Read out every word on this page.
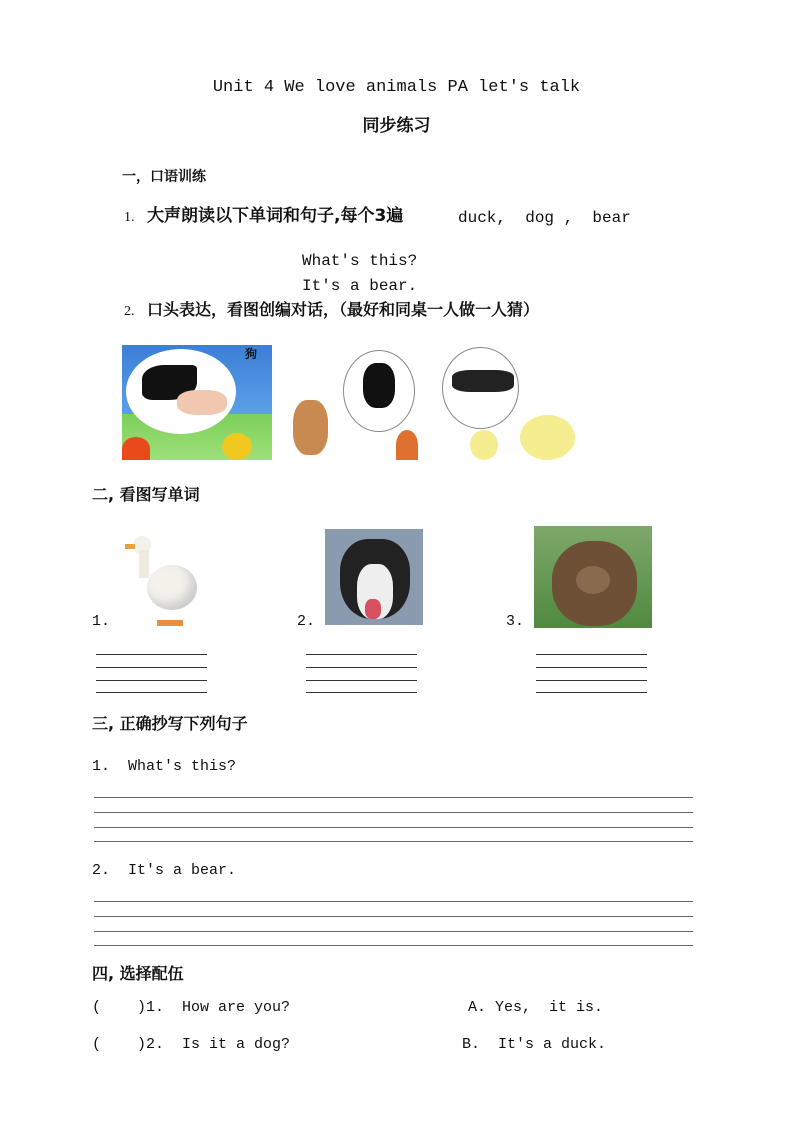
Unit 4 We love animals PA let's talk
同步练习
一，口语训练
1. 大声朗读以下单词和句子,每个3遍	duck,  dog ,  bear
What's this?
It's a bear.
2. 口头表达，看图创编对话，（最好和同桌一人做一人猜）
狗
二, 看图写单词
1.	2.	3.
三, 正确抄写下列句子
1.  What's this?
2.  It's a bear.
四, 选择配伍
(    )1.  How are you?	A. Yes,  it is.
(    )2.  Is it a dog?	B.  It's a duck.
